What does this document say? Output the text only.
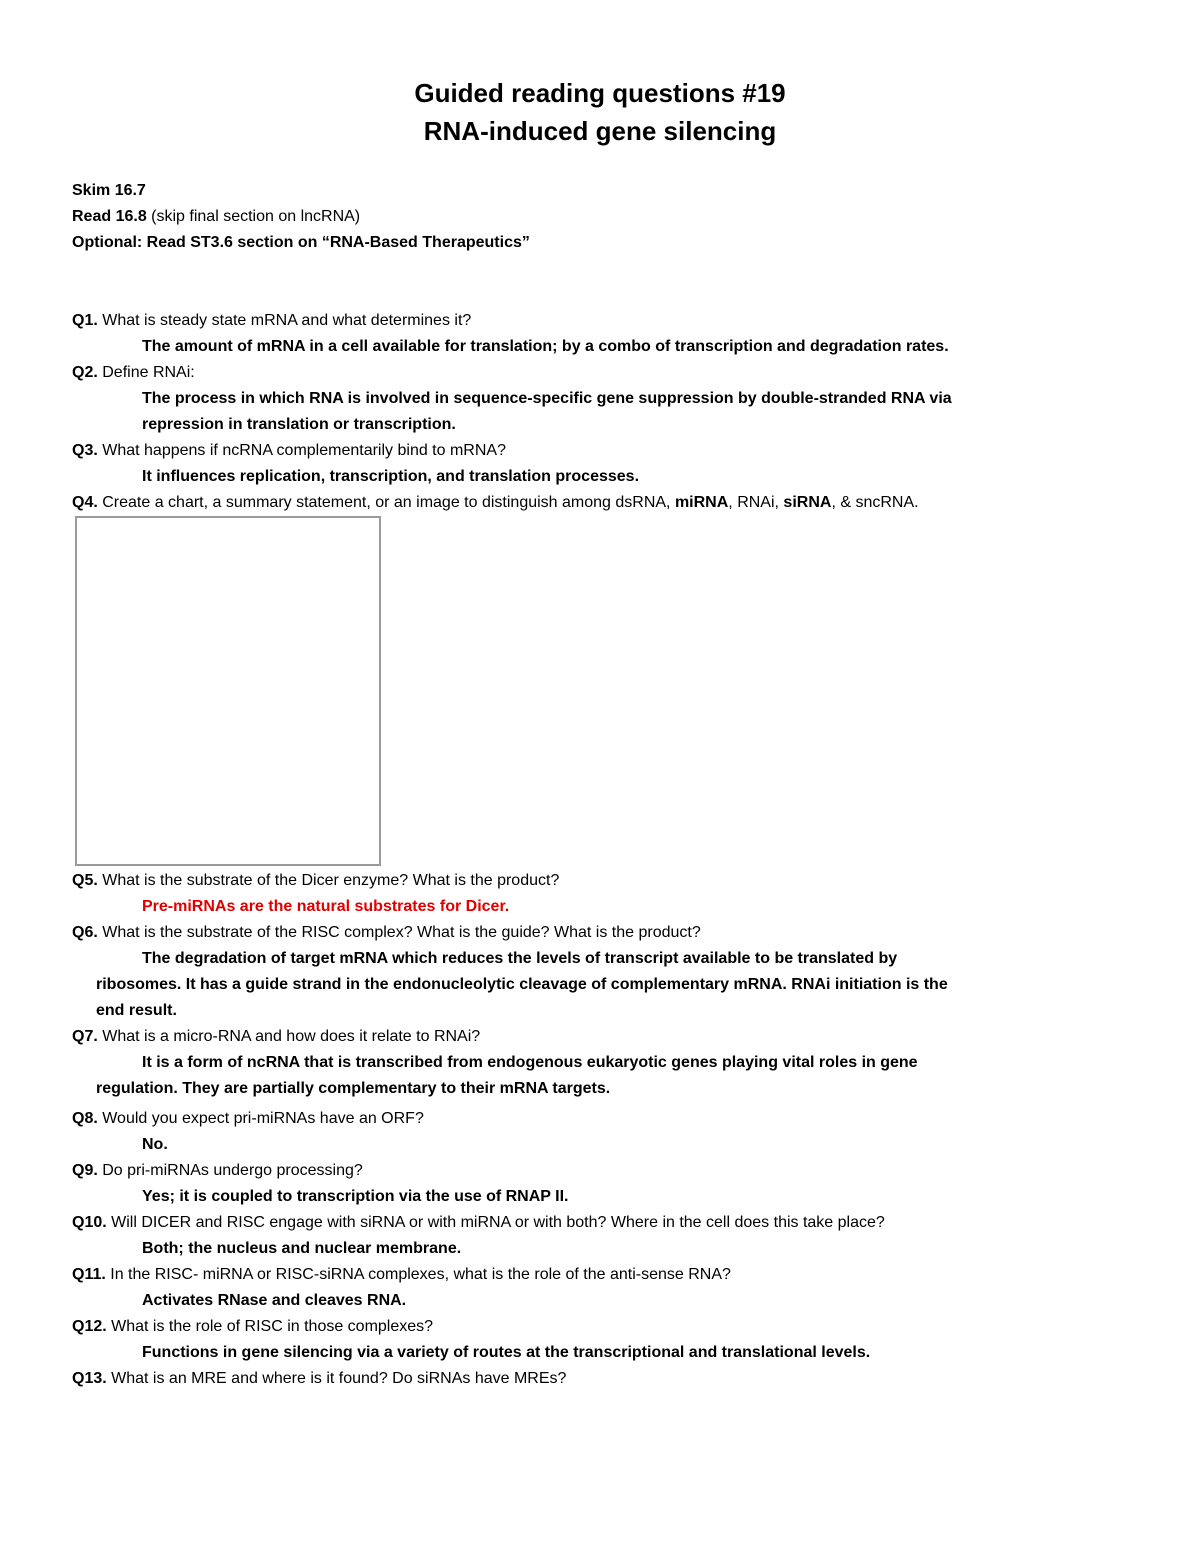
Guided reading questions #19
RNA-induced gene silencing
Skim 16.7
Read 16.8 (skip final section on lncRNA)
Optional: Read ST3.6 section on “RNA-Based Therapeutics”
Q1. What is steady state mRNA and what determines it?
The amount of mRNA in a cell available for translation; by a combo of transcription and degradation rates.
Q2. Define RNAi:
The process in which RNA is involved in sequence-specific gene suppression by double-stranded RNA via
repression in translation or transcription.
Q3. What happens if ncRNA complementarily bind to mRNA?
It influences replication, transcription, and translation processes.
Q4. Create a chart, a summary statement, or an image to distinguish among dsRNA, miRNA, RNAi, siRNA, & sncRNA.
Q5. What is the substrate of the Dicer enzyme? What is the product?
Pre-miRNAs are the natural substrates for Dicer.
Q6. What is the substrate of the RISC complex? What is the guide? What is the product?
The degradation of target mRNA which reduces the levels of transcript available to be translated by
ribosomes. It has a guide strand in the endonucleolytic cleavage of complementary mRNA. RNAi initiation is the
end result.
Q7. What is a micro-RNA and how does it relate to RNAi?
It is a form of ncRNA that is transcribed from endogenous eukaryotic genes playing vital roles in gene
regulation. They are partially complementary to their mRNA targets.
Q8. Would you expect pri-miRNAs have an ORF?
No.
Q9. Do pri-miRNAs undergo processing?
Yes; it is coupled to transcription via the use of RNAP II.
Q10. Will DICER and RISC engage with siRNA or with miRNA or with both? Where in the cell does this take place?
Both; the nucleus and nuclear membrane.
Q11. In the RISC- miRNA or RISC-siRNA complexes, what is the role of the anti-sense RNA?
Activates RNase and cleaves RNA.
Q12. What is the role of RISC in those complexes?
Functions in gene silencing via a variety of routes at the transcriptional and translational levels.
Q13. What is an MRE and where is it found? Do siRNAs have MREs?
